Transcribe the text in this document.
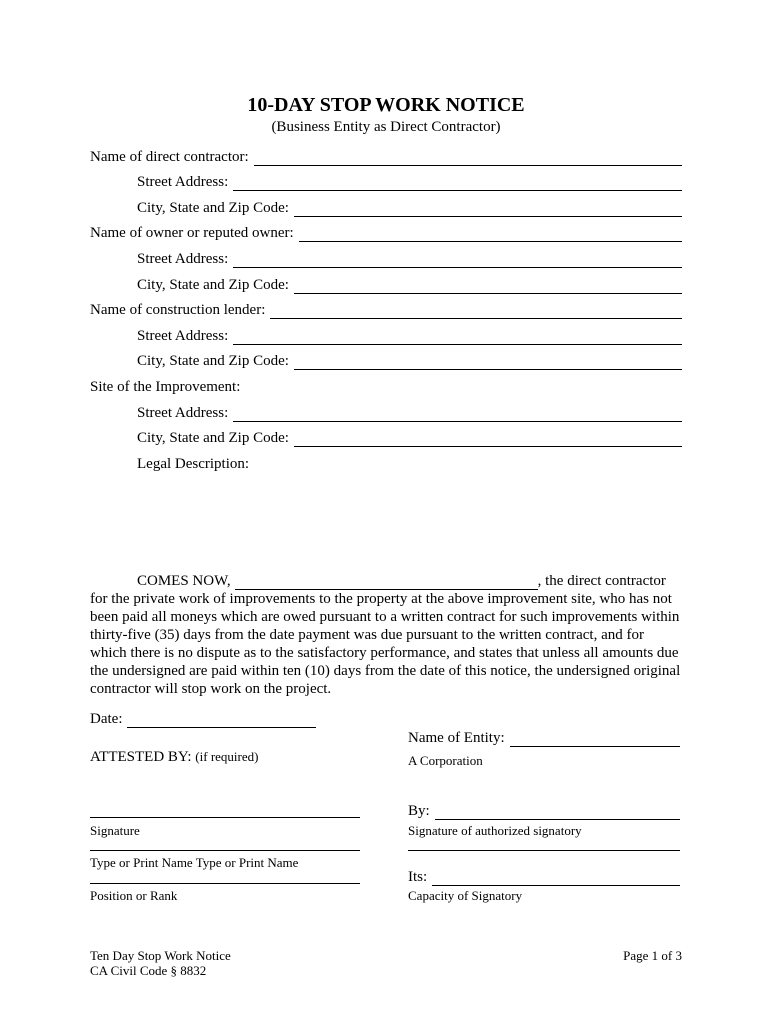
10-DAY STOP WORK NOTICE
(Business Entity as Direct Contractor)
Name of direct contractor:
Street Address:
City, State and Zip Code:
Name of owner or reputed owner:
Street Address:
City, State and Zip Code:
Name of construction lender:
Street Address:
City, State and Zip Code:
Site of the Improvement:
Street Address:
City, State and Zip Code:
Legal Description:

COMES NOW,	, the direct contractor for the private work of improvements to the property at the above improvement site, who has not been paid all moneys which are owed pursuant to a written contract for such improvements within thirty-five (35) days from the date payment was due pursuant to the written contract, and for which there is no dispute as to the satisfactory performance, and states that unless all amounts due the undersigned are paid within ten (10) days from the date of this notice, the undersigned original contractor will stop work on the project.

Date:
Name of Entity:
ATTESTED BY: (if required)	A Corporation
By:
Signature	Signature of authorized signatory
Type or Print Name Type or Print Name
Its:
Position or Rank	Capacity of Signatory
Ten Day Stop Work Notice
CA Civil Code § 8832
Page 1 of 3
